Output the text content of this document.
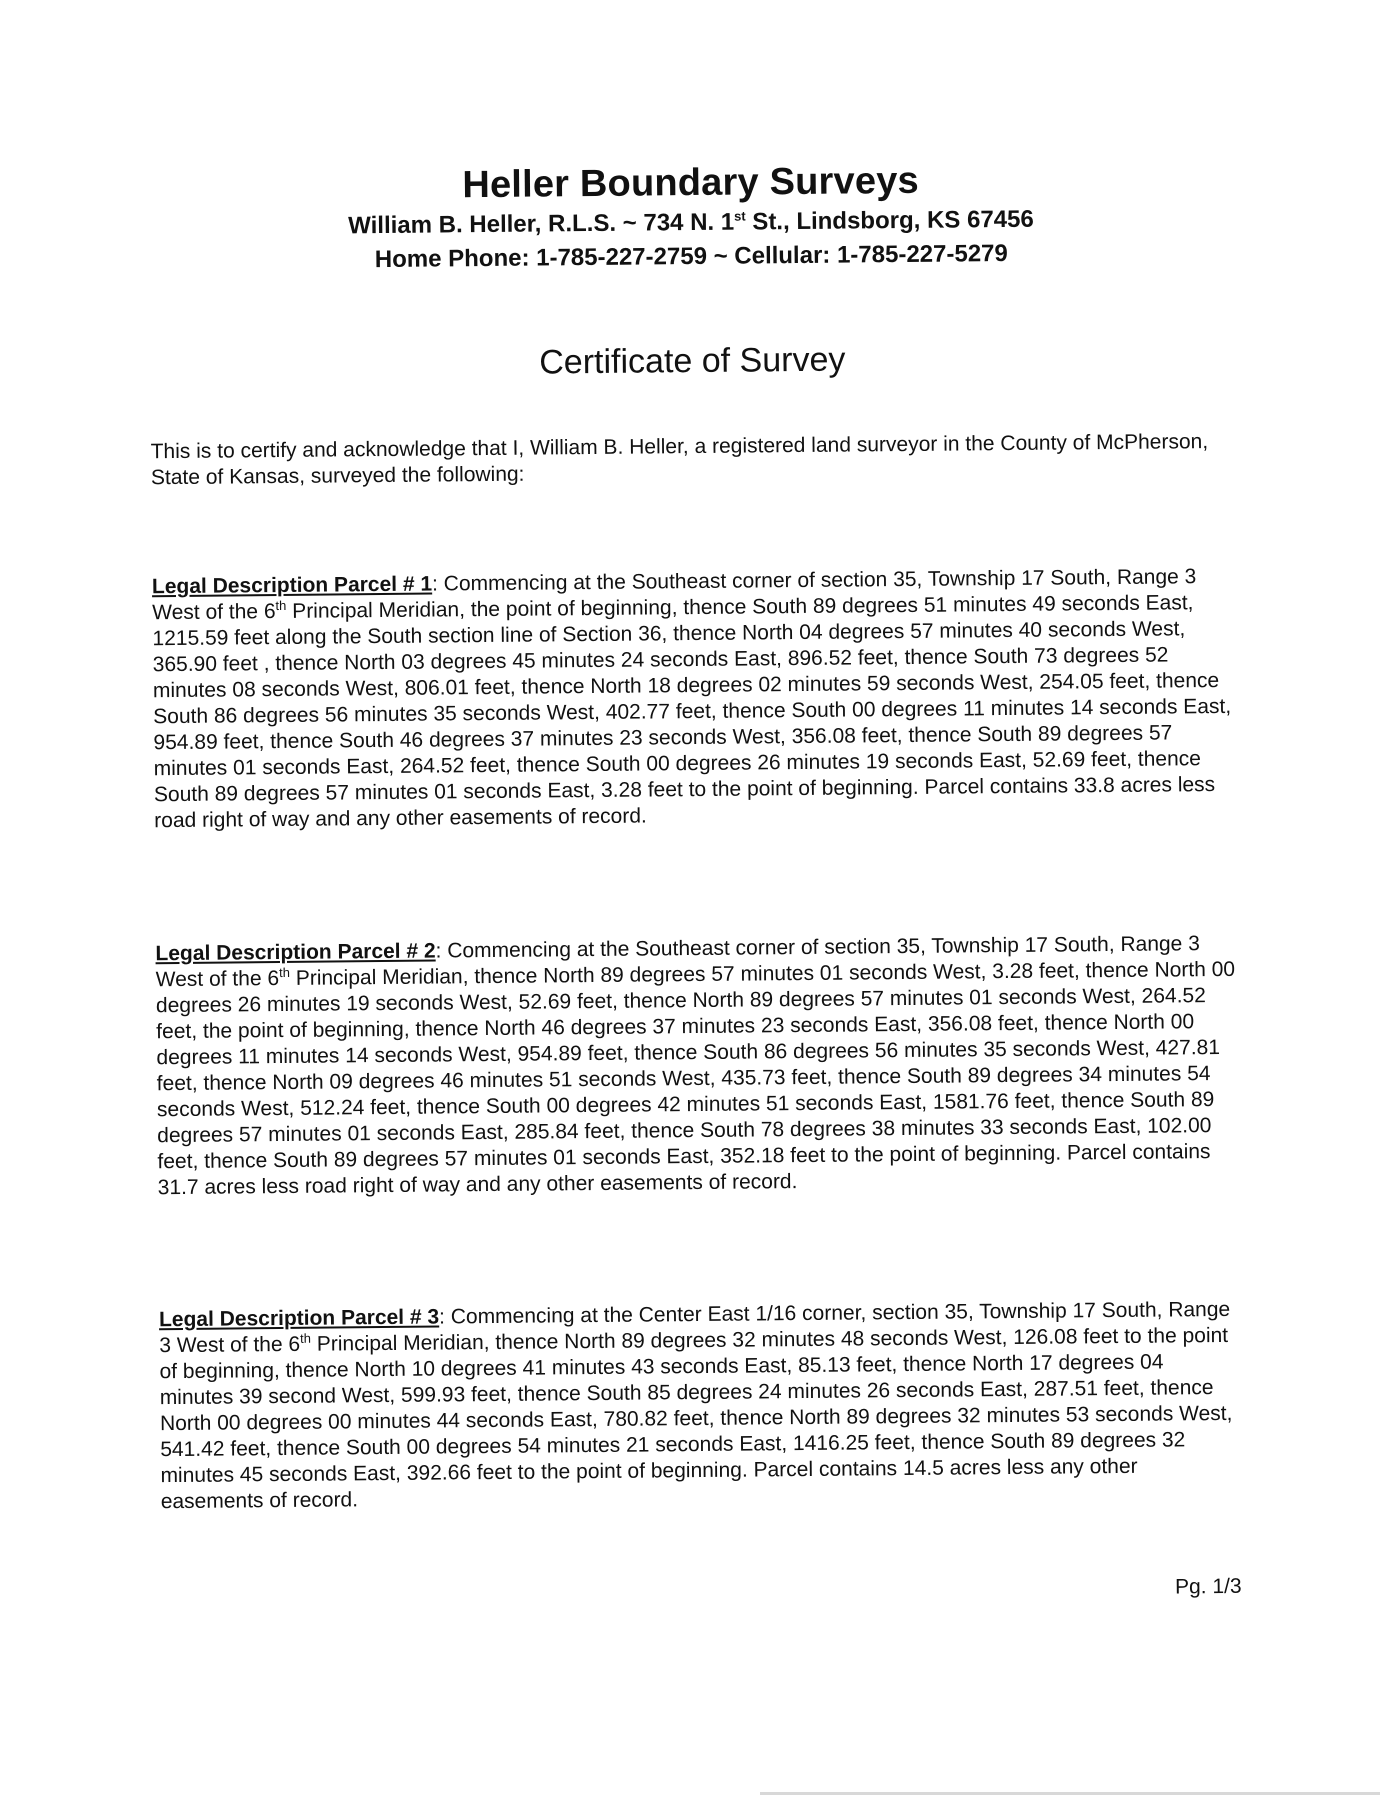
Heller Boundary Surveys
William B. Heller, R.L.S. ~ 734 N. 1st St., Lindsborg, KS 67456
Home Phone: 1-785-227-2759 ~ Cellular: 1-785-227-5279
Certificate of Survey
This is to certify and acknowledge that I, William B. Heller, a registered land surveyor in the County of McPherson, State of Kansas, surveyed the following:
Legal Description Parcel # 1: Commencing at the Southeast corner of section 35, Township 17 South, Range 3 West of the 6th Principal Meridian, the point of beginning, thence South 89 degrees 51 minutes 49 seconds East, 1215.59 feet along the South section line of Section 36, thence North 04 degrees 57 minutes 40 seconds West, 365.90 feet , thence North 03 degrees 45 minutes 24 seconds East, 896.52 feet, thence South 73 degrees 52 minutes 08 seconds West, 806.01 feet, thence North 18 degrees 02 minutes 59 seconds West, 254.05 feet, thence South 86 degrees 56 minutes 35 seconds West, 402.77 feet, thence South 00 degrees 11 minutes 14 seconds East, 954.89 feet, thence South 46 degrees 37 minutes 23 seconds West, 356.08 feet, thence South 89 degrees 57 minutes 01 seconds East, 264.52 feet, thence South 00 degrees 26 minutes 19 seconds East, 52.69 feet, thence South 89 degrees 57 minutes 01 seconds East, 3.28 feet to the point of beginning. Parcel contains 33.8 acres less road right of way and any other easements of record.
Legal Description Parcel # 2: Commencing at the Southeast corner of section 35, Township 17 South, Range 3 West of the 6th Principal Meridian, thence North 89 degrees 57 minutes 01 seconds West, 3.28 feet, thence North 00 degrees 26 minutes 19 seconds West, 52.69 feet, thence North 89 degrees 57 minutes 01 seconds West, 264.52 feet, the point of beginning, thence North 46 degrees 37 minutes 23 seconds East, 356.08 feet, thence North 00 degrees 11 minutes 14 seconds West, 954.89 feet, thence South 86 degrees 56 minutes 35 seconds West, 427.81 feet, thence North 09 degrees 46 minutes 51 seconds West, 435.73 feet, thence South 89 degrees 34 minutes 54 seconds West, 512.24 feet, thence South 00 degrees 42 minutes 51 seconds East, 1581.76 feet, thence South 89 degrees 57 minutes 01 seconds East, 285.84 feet, thence South 78 degrees 38 minutes 33 seconds East, 102.00 feet, thence South 89 degrees 57 minutes 01 seconds East, 352.18 feet to the point of beginning. Parcel contains 31.7 acres less road right of way and any other easements of record.
Legal Description Parcel # 3: Commencing at the Center East 1/16 corner, section 35, Township 17 South, Range 3 West of the 6th Principal Meridian, thence North 89 degrees 32 minutes 48 seconds West, 126.08 feet to the point of beginning, thence North 10 degrees 41 minutes 43 seconds East, 85.13 feet, thence North 17 degrees 04 minutes 39 second West, 599.93 feet, thence South 85 degrees 24 minutes 26 seconds East, 287.51 feet, thence North 00 degrees 00 minutes 44 seconds East, 780.82 feet, thence North 89 degrees 32 minutes 53 seconds West, 541.42 feet, thence South 00 degrees 54 minutes 21 seconds East, 1416.25 feet, thence South 89 degrees 32 minutes 45 seconds East, 392.66 feet to the point of beginning. Parcel contains 14.5 acres less any other easements of record.
Pg. 1/3
